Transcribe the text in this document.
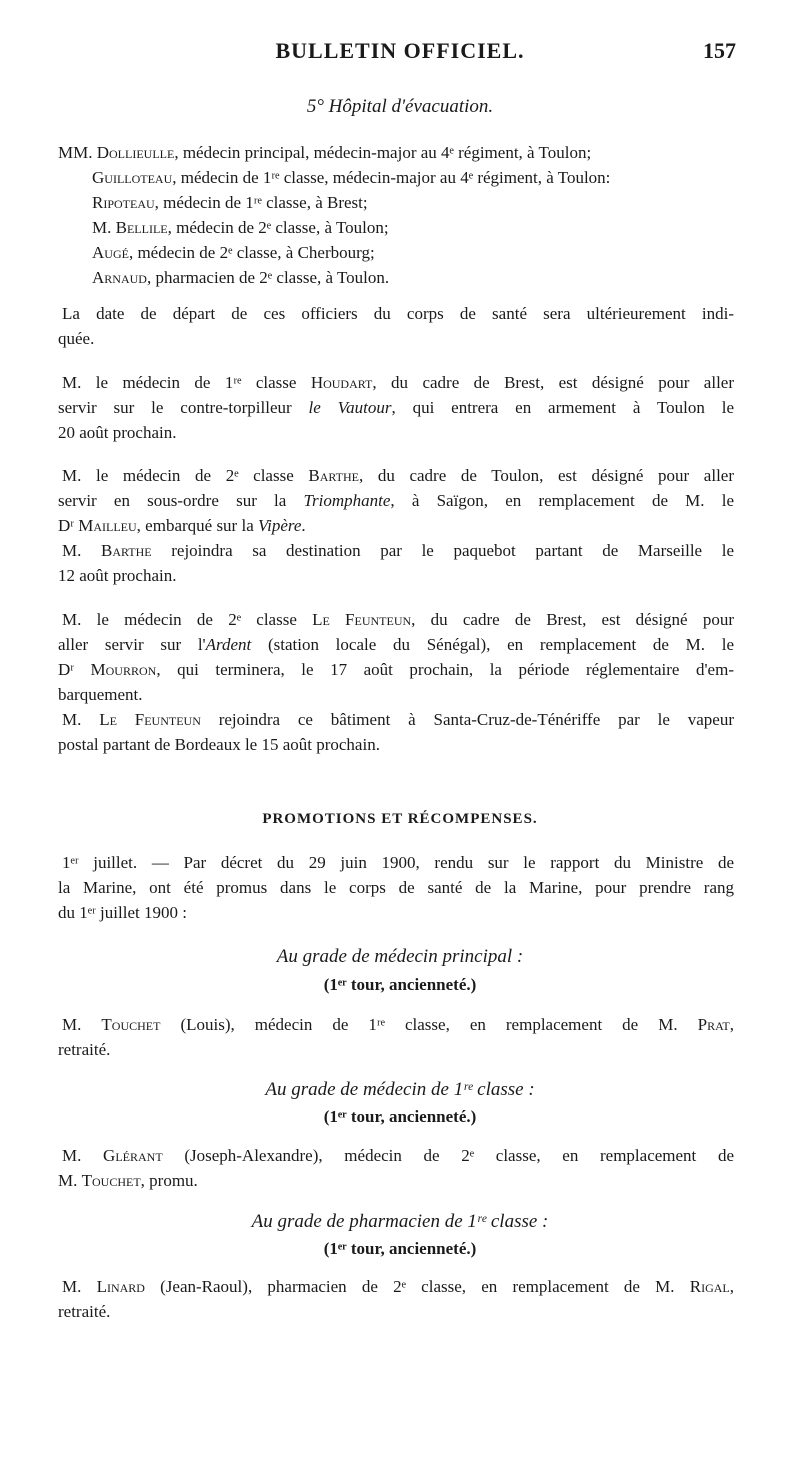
BULLETIN OFFICIEL.	157
5° Hôpital d'évacuation.
MM. Dollieulle, médecin principal, médecin-major au 4ᵉ régiment, à Toulon;
Guilloteau, médecin de 1ʳᵉ classe, médecin-major au 4ᵉ régiment, à Toulon:
Ripoteau, médecin de 1ʳᵉ classe, à Brest;
M. Bellile, médecin de 2ᵉ classe, à Toulon;
Augé, médecin de 2ᵉ classe, à Cherbourg;
Arnaud, pharmacien de 2ᵉ classe, à Toulon.
La date de départ de ces officiers du corps de santé sera ultérieurement indi-
quée.
M. le médecin de 1ʳᵉ classe Houdart, du cadre de Brest, est désigné pour aller
servir sur le contre-torpilleur le Vautour, qui entrera en armement à Toulon le
20 août prochain.
M. le médecin de 2ᵉ classe Barthe, du cadre de Toulon, est désigné pour aller
servir en sous-ordre sur la Triomphante, à Saïgon, en remplacement de M. le
Dʳ Mailleu, embarqué sur la Vipère.
M. Barthe rejoindra sa destination par le paquebot partant de Marseille le
12 août prochain.
M. le médecin de 2ᵉ classe Le Feunteun, du cadre de Brest, est désigné pour
aller servir sur l'Ardent (station locale du Sénégal), en remplacement de M. le
Dʳ Mourron, qui terminera, le 17 août prochain, la période réglementaire d'em-
barquement.
M. Le Feunteun rejoindra ce bâtiment à Santa-Cruz-de-Ténériffe par le vapeur
postal partant de Bordeaux le 15 août prochain.
PROMOTIONS ET RÉCOMPENSES.
1ᵉʳ juillet. — Par décret du 29 juin 1900, rendu sur le rapport du Ministre de
la Marine, ont été promus dans le corps de santé de la Marine, pour prendre rang
du 1ᵉʳ juillet 1900 :
Au grade de médecin principal :
(1ᵉʳ tour, ancienneté.)
M. Touchet (Louis), médecin de 1ʳᵉ classe, en remplacement de M. Prat,
retraité.
Au grade de médecin de 1ʳᵉ classe :
(1ᵉʳ tour, ancienneté.)
M. Glérant (Joseph-Alexandre), médecin de 2ᵉ classe, en remplacement de
M. Touchet, promu.
Au grade de pharmacien de 1ʳᵉ classe :
(1ᵉʳ tour, ancienneté.)
M. Linard (Jean-Raoul), pharmacien de 2ᵉ classe, en remplacement de M. Rigal,
retraité.
